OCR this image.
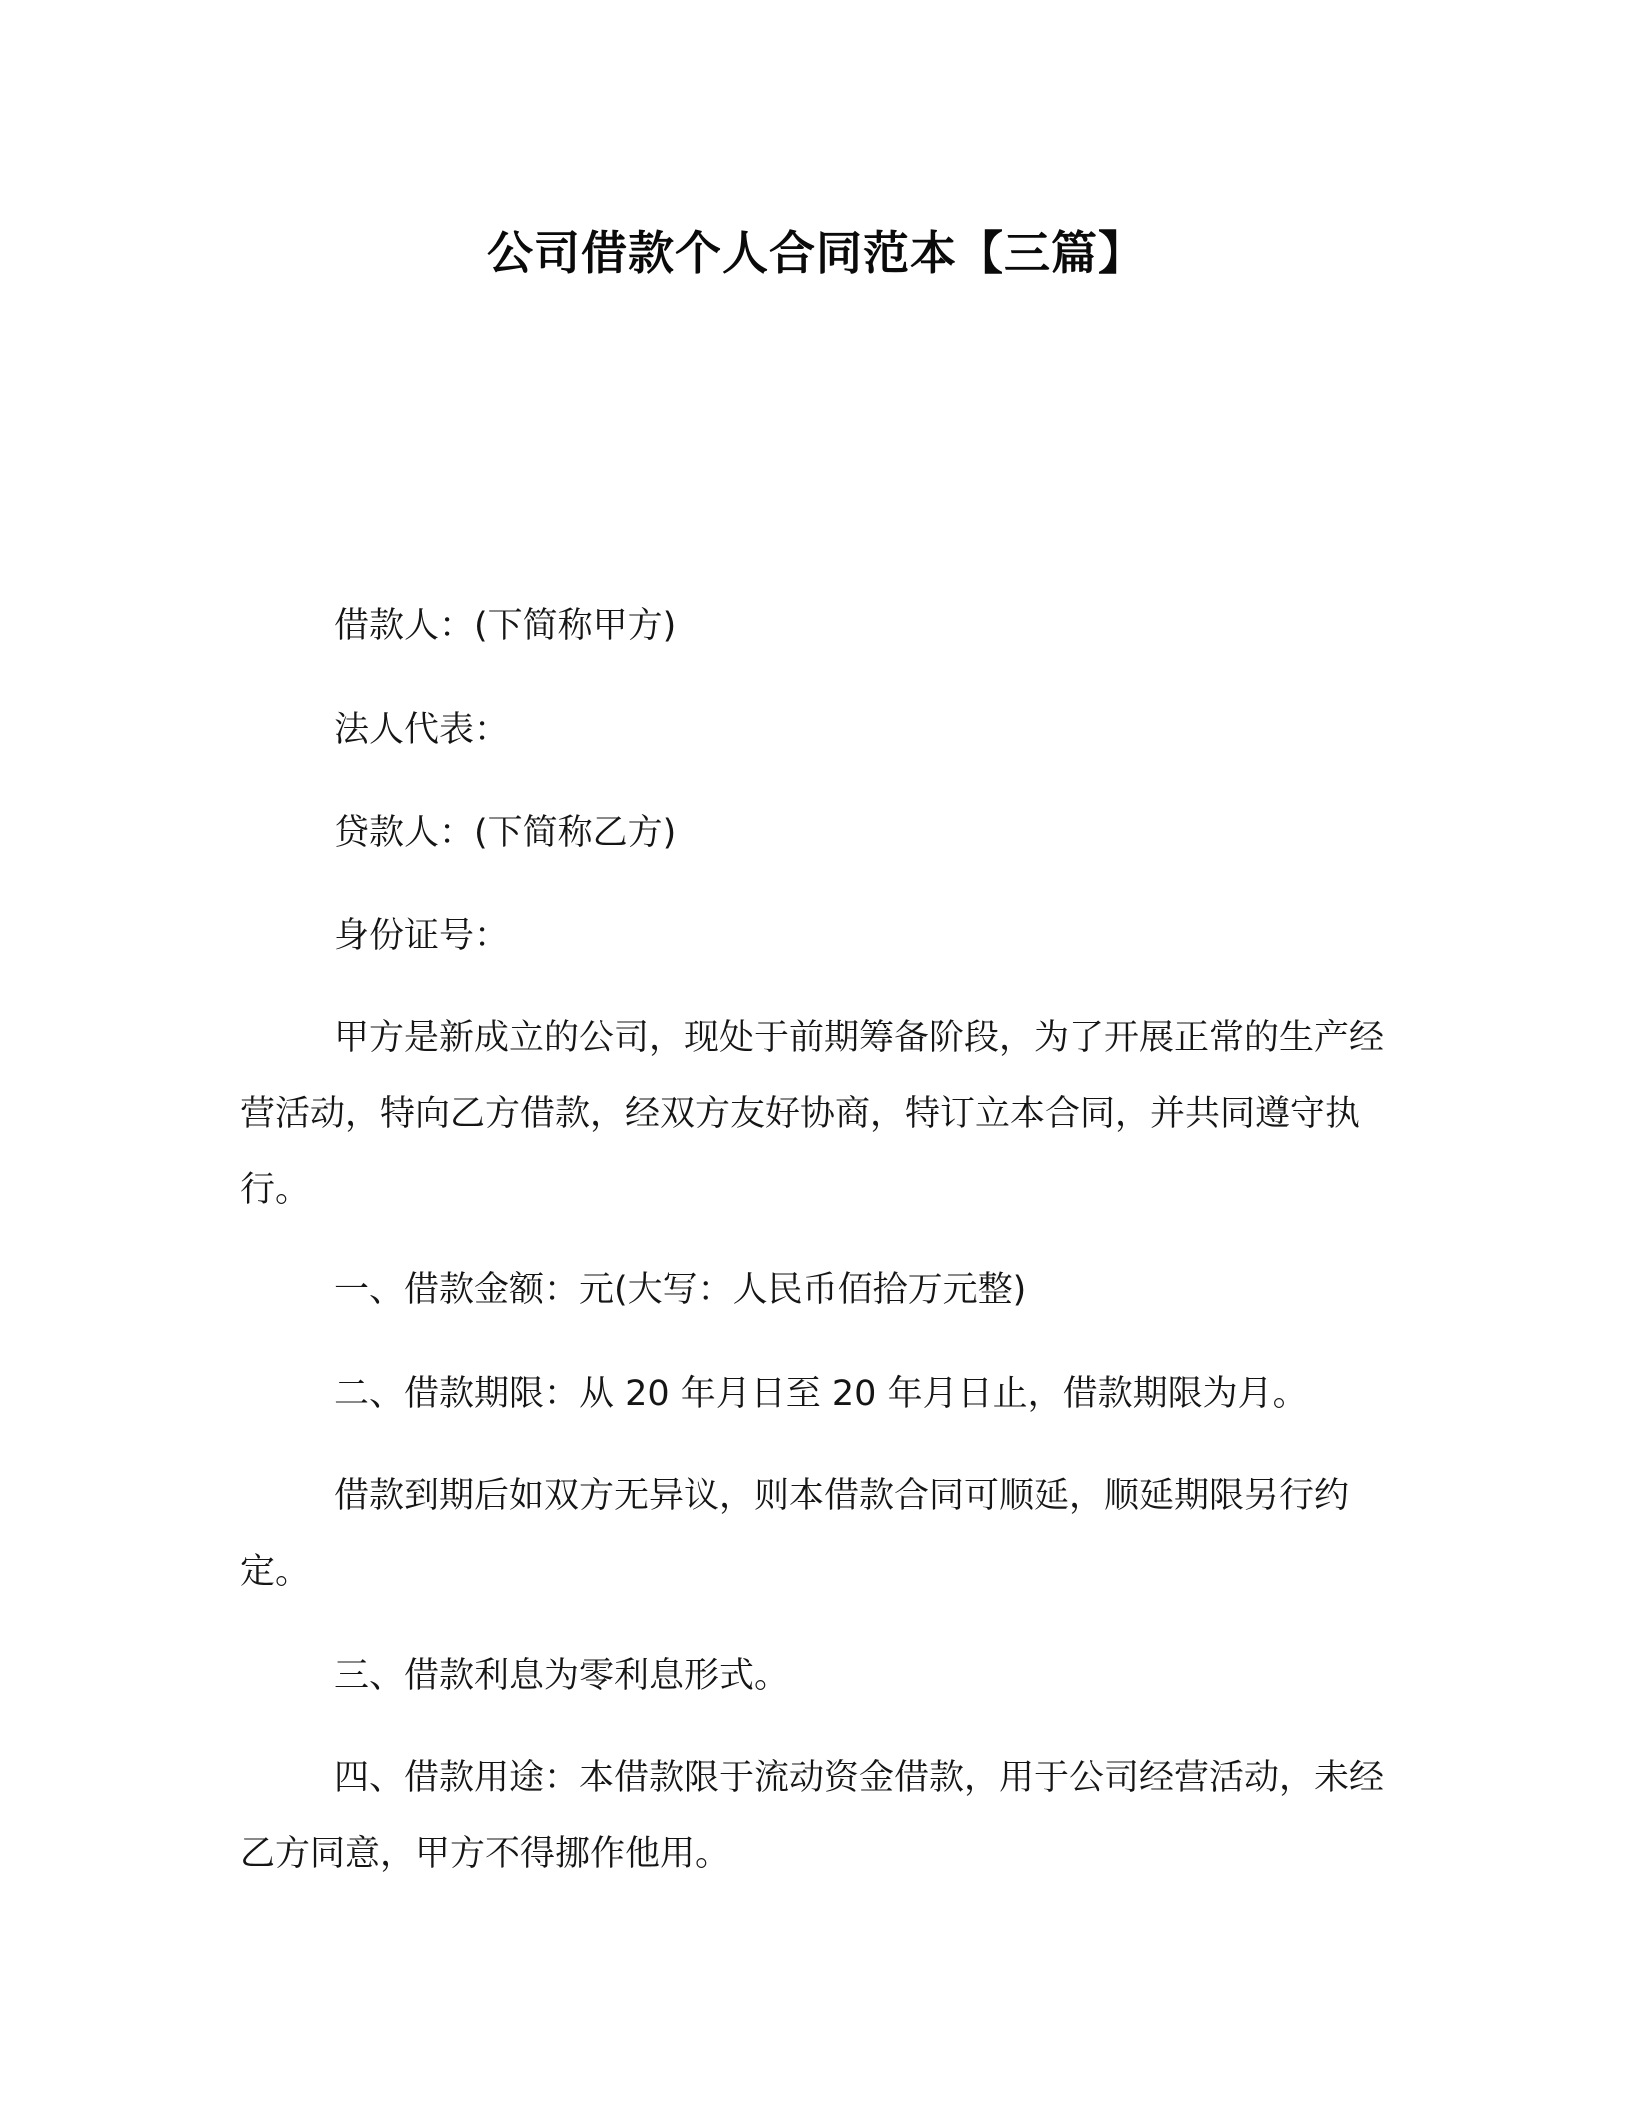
公司借款个人合同范本【三篇】

借款人：(下简称甲方)

法人代表：

贷款人：(下简称乙方)

身份证号：

甲方是新成立的公司，现处于前期筹备阶段，为了开展正常的生产经营活动，特向乙方借款，经双方友好协商，特订立本合同，并共同遵守执行。

一、借款金额：元(大写：人民币佰拾万元整)

二、借款期限：从 20 年月日至 20 年月日止，借款期限为月。

借款到期后如双方无异议，则本借款合同可顺延，顺延期限另行约定。

三、借款利息为零利息形式。

四、借款用途：本借款限于流动资金借款，用于公司经营活动，未经乙方同意，甲方不得挪作他用。
